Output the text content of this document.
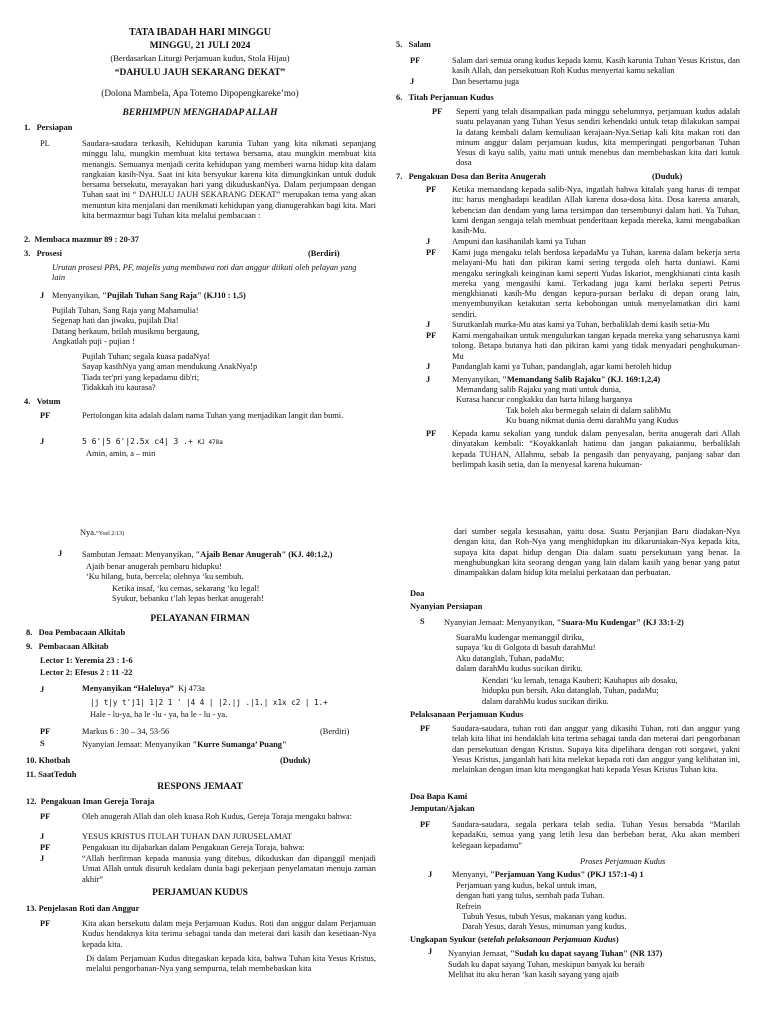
TATA IBADAH HARI MINGGU
MINGGU, 21 JULI 2024
(Berdasarkan Liturgi Perjamuan kudus, Stola Hijau)
“DAHULU JAUH SEKARANG DEKAT”
(Dolona Mambela, Apa Totemo Dipopengkareke’mo)
BERHIMPUN MENGHADAP ALLAH
1. Persiapan
PL	Saudara-saudara terkasih, Kehidupan karunia Tuhan yang kita nikmati sepanjang minggu lalu, mungkin membuat kita tertawa bersama, atau mungkin membuat kita menangis. Semuanya menjadi cerita kehidupan yang memberi warna hidup kita dalam rangkaian kasih-Nya. Saat ini kita bersyukur karena kita dimungkinkan untuk duduk bersama bersekutu, merayakan hari yang dikuduskanNya. Dalam perjumpaan dengan Tuhan saat ini “ DAHULU JAUH SEKARANG DEKAT” merupakan tema yang akan menuntun kita menjalani dan menikmati kehidupan yang dianugerahkan bagi kita. Mari kita bermazmur bagi Tuhan kita melalui pembacaan :
2. Membaca mazmur 89 : 20-37
3. Prosesi	(Berdiri)
Urutan prosesi PPA, PF, majelis yang membawa roti dan anggur diikuti oleh pelayan yang lain
J Menyanyikan, "Pujilah Tuhan Sang Raja" (KJ10 : 1,5)

Pujilah Tuhan, Sang Raja yang Mahamulia!

Segenap hati dan jiwaku, pujilah Dia!

Datang berkaum, brilah musikmu bergaung,

Angkatlah puji - pujian !

Pujilah Tuhan; segala kuasa padaNya!

Sayap kasihNya yang aman mendukung AnakNya!p

Tiada ter'pri yang kepadamu dib'ri;

Tidakkah itu kaurasa?

4. Votum
PF	Pertolongan kita adalah dalam nama Tuhan yang menjadikan langit dan bumi.
J	5 6'|5 6'|2.5x c4| 3 .+ KJ 478a
Amin, amin, a – min
Nya.“Yoel 2:13)
J Sambutan Jemaat: Menyanyikan, "Ajaib Benar Anugerah" (KJ. 40:1,2,)

Ajaib benar anugerah pembaru hidupku!

‘Ku hilang, buta, bercela; olehnya ‘ku sembuh.

Ketika insaf, ‘ku cemas, sekarang ‘ku legal!

Syukur, bebanku t’lah lepas berkat anugerah!

PELAYANAN FIRMAN
8. Doa Pembacaan Alkitab
9. Pembacaan Alkitab
Lector 1: Yeremia 23 : 1-6
Lector 2: Efesus 2 : 11 -22
J	Menyanyikan “Haleluya” Kj 473a
|j t|y t'j1| 1|2 1 ' |4 4 | |2.|j .|1.| x1x c2 | 1.+
Hale - lu-ya, ha le -lu - ya, ha le - lu - ya.
PF	Markus 6 : 30 – 34, 53-56	(Berdiri)
S	Nyanyian Jemaat: Menyanyikan "Kurre Sumanga’ Puang"
10. Khotbah	(Duduk)
11. SaatTeduh
RESPONS JEMAAT
12. Pengakuan Iman Gereja Toraja
PF	Oleh anugerah Allah dan oleh kuasa Roh Kudus, Gereja Toraja mengaku bahwa:
J	YESUS KRISTUS ITULAH TUHAN DAN JURUSELAMAT
PF	Pengakuan itu dijabarkan dalam Pengakuan Gereja Toraja, bahwa:
J	“Allah berfirman kepada manusia yang ditebus, dikuduskan dan dipanggil menjadi Umat Allah untuk disuruh kedalam dunia bagi pekerjaan penyelamatan menuju zaman akhir”
PERJAMUAN KUDUS
13. Penjelasan Roti dan Anggur
PF	Kita akan bersekutu dalam meja Perjamuan Kudus. Roti dan anggur dalam Perjamuan Kudus hendaknya kita terima sebagai tanda dan meterai dari kasih dan kesetiaan-Nya kepada kita.
Di dalam Perjamuan Kudus ditegaskan kepada kita, bahwa Tuhan kita Yesus Kristus, melalui pengorbanan-Nya yang sempurna, telah membebaskan kita
5. Salam
PF	Salam dari semua orang kudus kepada kamu. Kasih karunia Tuhan Yesus Kristus, dan kasih Allah, dan persekutuan Roh Kudus menyertai kamu sekalian
J	Dan besertamu juga
6. Titah Perjanuan Kudus
PF Seperti yang telah disampaikan pada minggu sebelumnya, perjamuan kudus adalah suatu pelayanan yang Tuhan Yesus sendiri kehendaki untuk tetap dilakukan sampai Ia datang kembali dalam kemuliaan kerajaan-Nya.Setiap kali kita makan roti dan minum anggur dalam perjamuan kudus, kita memperingati pengorbanan Tuhan Yesus di kayu salib, yaitu mati untuk menebus dan membebaskan kita dari kutuk dosa
7. Pengakuan Dosa dan Berita Anugerah	(Duduk)
PF Ketika memandang kepada salib-Nya, ingatlah bahwa kitalah yang harus di tempat itu: harus menghadapi keadilan Allah karena dosa-dosa kita. Dosa karena amarah, kebencian dan dendam yang lama tersimpan dan tersembunyi dalam hati. Ya Tuhan, kami dengan sengaja telah membuat penderitaan kepada mereka, kami mengabaikan kasih-Mu.
J	Ampuni dan kasihanilah kami ya Tuhan
PF Kami juga mengaku telah berdosa kepadaMu ya Tuhan, karena dalam bekerja serta melayani-Mu hati dan pikiran kami sering tergoda oleh harta duniawi. Kami mengaku seringkali keinginan kami seperti Yudas Iskariot, mengkhianati cinta kasih mereka yang mengasihi kami. Terkadang juga kami berlaku seperti Petrus mengkhianati kasih-Mu dengan kepura-puraan berlaku di depan orang lain, menyembunyikan ketakutan serta kebohongan untuk menyelamatkan diri kami sendiri.
J	Surutkanlah murka-Mu atas kami ya Tuhan, berbaliklah demi kasih setia-Mu
PF Kami mengabaikan untuk mengulurkan tangan kepada mereka yang seharusnya kami tolong. Betapa butanya hati dan pikiran kami yang tidak menyadari penghukuman-Mu
J	Pandanglah kami ya Tuhan, pandanglah, agar kami beroleh hidup
J	Menyanyikan, "Memandang Salib Rajaku" (KJ. 169:1,2,4)

Memandang salib Rajaku yang mati untuk dunia,

Kurasa hancur congkakku dan harta hilang harganya

Tak boleh aku bermegah selain di dalam salibMu

Ku buang nikmat dunia demi darahMu yang Kudus

PF Kepada kamu sekalian yang tunduk dalam penyesalan, berita anugerah dari Allah dinyatakan kembali: “Koyakkanlah hatimu dan jangan pakaianmu, berbaliklah kepada TUHAN, Allahmu, sebab Ia pengasih dan penyayang, panjang sabar dan berlimpah kasih setia, dan Ia menyesal karena hukuman-
dari sumber segala kesusahan, yaitu dosa. Suatu Perjanjian Baru diadakan-Nya dengan kita, dan Roh-Nya yang menghidupkan itu dikaruniakan-Nya kepada kita, supaya kita dapat hidup dengan Dia dalam suatu persekutuan yang benar. Ia menghubungkan kita seorang dengan yang lain dalam kasih yang benar yang patut dinampakkan dalam hidup kita melalui perkataan dan perbuatan.
Doa
Nyanyian Persiapan
S Nyanyian Jemaat: Menyanyikan, "Suara-Mu Kudengar" (KJ 33:1-2)

SuaraMu kudengar memanggil diriku,

supaya ‘ku di Golgota di basuh darahMu!

Aku datanglah, Tuhan, padaMu;

dalam darahMu kudus sucikan diriku.

Kendati ‘ku lemah, tenaga Kauberi; Kauhapus aib dosaku,

hidupku pun bersih. Aku datanglah, Tuhan, padaMu;

dalam darahMu kudus sucikan diriku.

Pelaksanaan Perjamuan Kudus
PF	Saudara-saudara, tuhan roti dan anggur yang dikasihi Tuhan, roti dan anggur yang telah kita lihat ini hendaklah kita terima sebagai tanda dan meterai dari pengorbanan dan persekutuan dengan Kristus. Supaya kita dipelihara dengan roti sorgawi, yakni Yesus Kristus, janganlah hati kita melekat kepada roti dan anggur yang kelihatan ini, melainkan dengan iman kita mengangkat hati kepada Yesus Kristus Tuhan kita.
Doa Bapa Kami
Jemputan/Ajakan
PF	Saudara-saudara, segala perkara telah sedia. Tuhan Yesus bersabda “Marilah kepadaKu, semua yang yang letih lesu dan berbeban berat, Aku akan memberi kelegaan kepadamu”
Proses Perjamuan Kudus
J Menyanyi, "Perjamuan Yang Kudus" (PKJ 157:1-4) 1

Perjamuan yang kudus, bekal untuk iman,

dengan hati yang tulus, sembah pada Tuhan.

Refrein

Tubuh Yesus, tubuh Yesus, makanan yang kudus.

Darah Yesus, darah Yesus, minuman yang kudus.

Ungkapan Syukur (setelah pelaksanaan Perjamuan Kudus)
J Nyanyian Jemaat, "Sudah ku dapat sayang Tuhan" (NR 137)

Sudah ku dapat sayang Tuhan, meskipun banyak ku beraib

Melihat itu aku heran ‘kan kasih sayang yang ajaib
